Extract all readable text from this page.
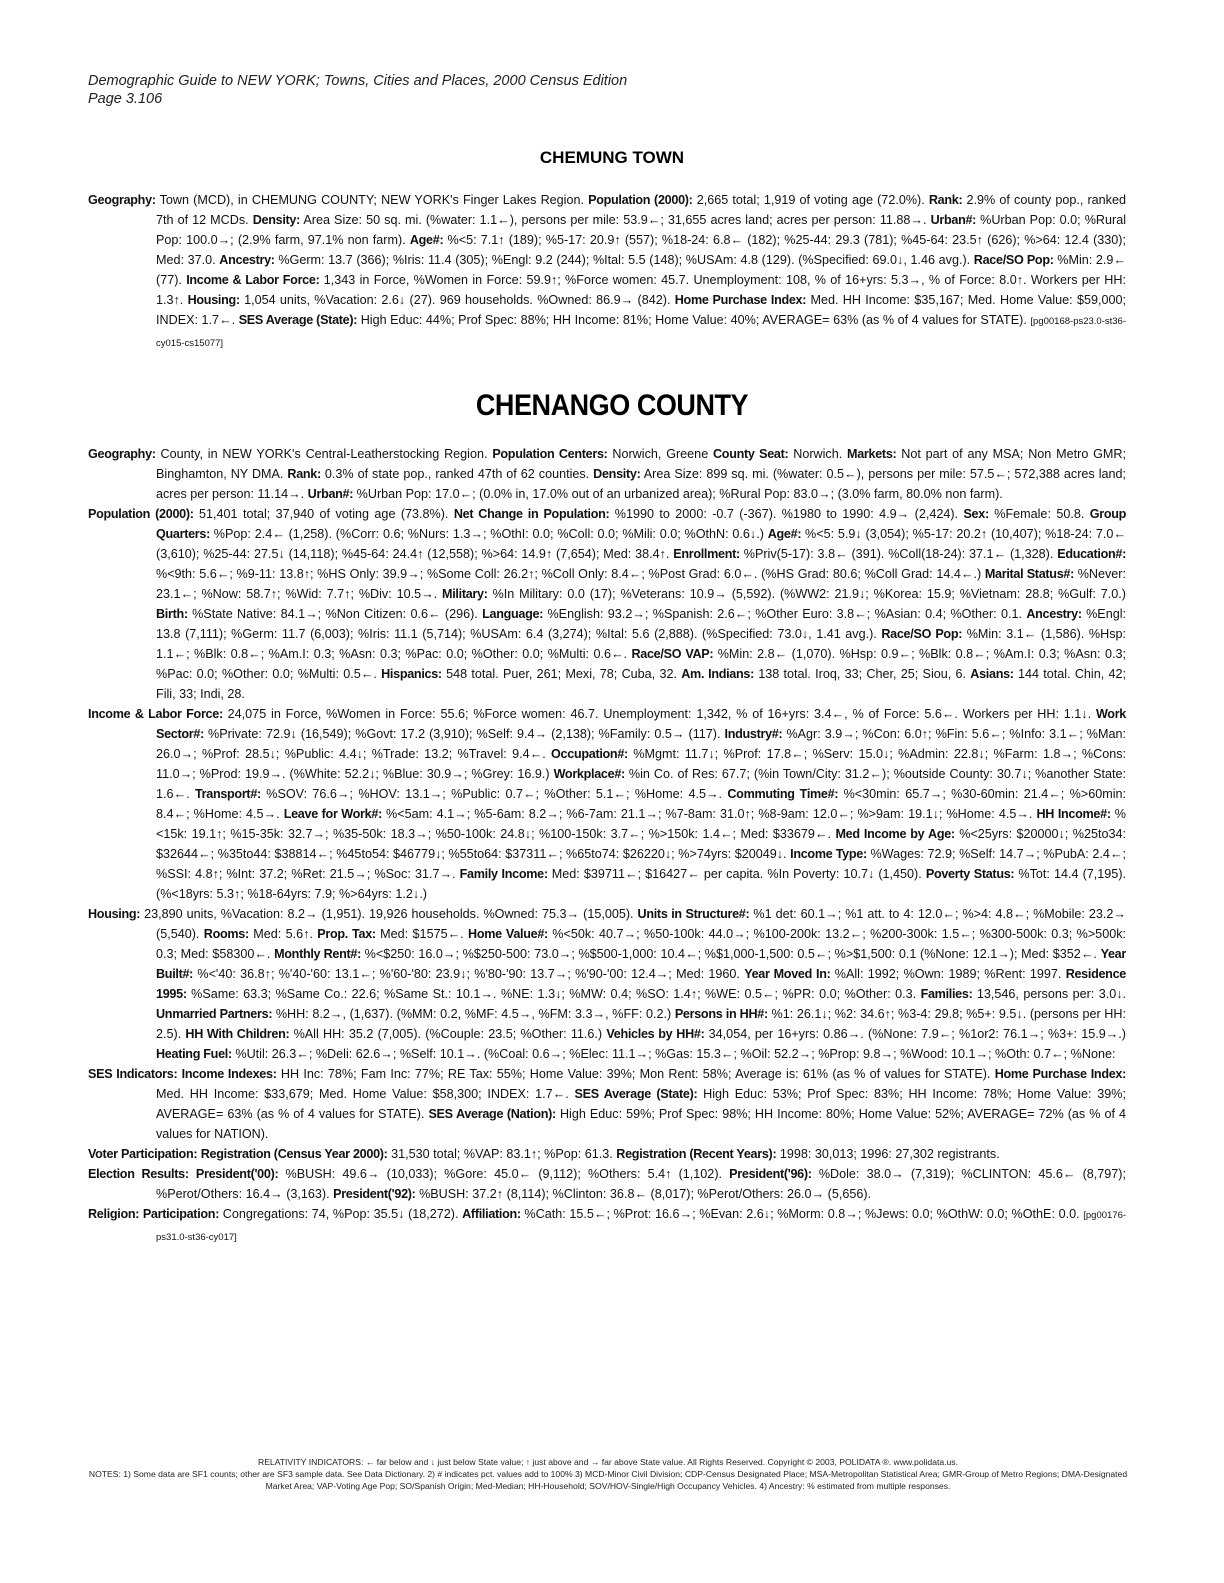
Demographic Guide to NEW YORK; Towns, Cities and Places, 2000 Census Edition
Page 3.106
CHEMUNG TOWN

Geography: Town (MCD), in CHEMUNG COUNTY; NEW YORK's Finger Lakes Region. Population (2000): 2,665 total; 1,919 of voting age (72.0%). Rank: 2.9% of county pop., ranked 7th of 12 MCDs. Density: Area Size: 50 sq. mi. (%water: 1.1←), persons per mile: 53.9←; 31,655 acres land; acres per person: 11.88→. Urban#: %Urban Pop: 0.0; %Rural Pop: 100.0→; (2.9% farm, 97.1% non farm). Age#: %<5: 7.1↑ (189); %5-17: 20.9↑ (557); %18-24: 6.8← (182); %25-44: 29.3 (781); %45-64: 23.5↑ (626); %>64: 12.4 (330); Med: 37.0. Ancestry: %Germ: 13.7 (366); %Iris: 11.4 (305); %Engl: 9.2 (244); %Ital: 5.5 (148); %USAm: 4.8 (129). (%Specified: 69.0↓, 1.46 avg.). Race/SO Pop: %Min: 2.9← (77). Income & Labor Force: 1,343 in Force, %Women in Force: 59.9↑; %Force women: 45.7. Unemployment: 108, % of 16+yrs: 5.3→, % of Force: 8.0↑. Workers per HH: 1.3↑. Housing: 1,054 units, %Vacation: 2.6↓ (27). 969 households. %Owned: 86.9→ (842). Home Purchase Index: Med. HH Income: $35,167; Med. Home Value: $59,000; INDEX: 1.7←. SES Average (State): High Educ: 44%; Prof Spec: 88%; HH Income: 81%; Home Value: 40%; AVERAGE= 63% (as % of 4 values for STATE). [pg00168-ps23.0-st36-cy015-cs15077]

CHENANGO COUNTY

Geography: County, in NEW YORK's Central-Leatherstocking Region. Population Centers: Norwich, Greene County Seat: Norwich. Markets: Not part of any MSA; Non Metro GMR; Binghamton, NY DMA. Rank: 0.3% of state pop., ranked 47th of 62 counties. Density: Area Size: 899 sq. mi. (%water: 0.5←), persons per mile: 57.5←; 572,388 acres land; acres per person: 11.14→. Urban#: %Urban Pop: 17.0←; (0.0% in, 17.0% out of an urbanized area); %Rural Pop: 83.0→; (3.0% farm, 80.0% non farm).

Population (2000): 51,401 total; 37,940 of voting age (73.8%). Net Change in Population: %1990 to 2000: -0.7 (-367). %1980 to 1990: 4.9→ (2,424). Sex: %Female: 50.8. Group Quarters: %Pop: 2.4← (1,258). (%Corr: 0.6; %Nurs: 1.3→; %OthI: 0.0; %Coll: 0.0; %Mili: 0.0; %OthN: 0.6↓.) Age#: %<5: 5.9↓ (3,054); %5-17: 20.2↑ (10,407); %18-24: 7.0← (3,610); %25-44: 27.5↓ (14,118); %45-64: 24.4↑ (12,558); %>64: 14.9↑ (7,654); Med: 38.4↑. Enrollment: %Priv(5-17): 3.8← (391). %Coll(18-24): 37.1← (1,328). Education#: %<9th: 5.6←; %9-11: 13.8↑; %HS Only: 39.9→; %Some Coll: 26.2↑; %Coll Only: 8.4←; %Post Grad: 6.0←. (%HS Grad: 80.6; %Coll Grad: 14.4←.) Marital Status#: %Never: 23.1←; %Now: 58.7↑; %Wid: 7.7↑; %Div: 10.5→. Military: %In Military: 0.0 (17); %Veterans: 10.9→ (5,592). (%WW2: 21.9↓; %Korea: 15.9; %Vietnam: 28.8; %Gulf: 7.0.) Birth: %State Native: 84.1→; %Non Citizen: 0.6← (296). Language: %English: 93.2→; %Spanish: 2.6←; %Other Euro: 3.8←; %Asian: 0.4; %Other: 0.1. Ancestry: %Engl: 13.8 (7,111); %Germ: 11.7 (6,003); %Iris: 11.1 (5,714); %USAm: 6.4 (3,274); %Ital: 5.6 (2,888). (%Specified: 73.0↓, 1.41 avg.). Race/SO Pop: %Min: 3.1← (1,586). %Hsp: 1.1←; %Blk: 0.8←; %Am.I: 0.3; %Asn: 0.3; %Pac: 0.0; %Other: 0.0; %Multi: 0.6←. Race/SO VAP: %Min: 2.8← (1,070). %Hsp: 0.9←; %Blk: 0.8←; %Am.I: 0.3; %Asn: 0.3; %Pac: 0.0; %Other: 0.0; %Multi: 0.5←. Hispanics: 548 total. Puer, 261; Mexi, 78; Cuba, 32. Am. Indians: 138 total. Iroq, 33; Cher, 25; Siou, 6. Asians: 144 total. Chin, 42; Fili, 33; Indi, 28.

Income & Labor Force: 24,075 in Force, %Women in Force: 55.6; %Force women: 46.7. Unemployment: 1,342, % of 16+yrs: 3.4←, % of Force: 5.6←. Workers per HH: 1.1↓. Work Sector#: %Private: 72.9↓ (16,549); %Govt: 17.2 (3,910); %Self: 9.4→ (2,138); %Family: 0.5→ (117). Industry#: %Agr: 3.9→; %Con: 6.0↑; %Fin: 5.6←; %Info: 3.1←; %Man: 26.0→; %Prof: 28.5↓; %Public: 4.4↓; %Trade: 13.2; %Travel: 9.4←. Occupation#: %Mgmt: 11.7↓; %Prof: 17.8←; %Serv: 15.0↓; %Admin: 22.8↓; %Farm: 1.8→; %Cons: 11.0→; %Prod: 19.9→. (%White: 52.2↓; %Blue: 30.9→; %Grey: 16.9.) Workplace#: %in Co. of Res: 67.7; (%in Town/City: 31.2←); %outside County: 30.7↓; %another State: 1.6←. Transport#: %SOV: 76.6→; %HOV: 13.1→; %Public: 0.7←; %Other: 5.1←; %Home: 4.5→. Commuting Time#: %<30min: 65.7→; %30-60min: 21.4←; %>60min: 8.4←; %Home: 4.5→. Leave for Work#: %<5am: 4.1→; %5-6am: 8.2→; %6-7am: 21.1→; %7-8am: 31.0↑; %8-9am: 12.0←; %>9am: 19.1↓; %Home: 4.5→. HH Income#: %<15k: 19.1↑; %15-35k: 32.7→; %35-50k: 18.3→; %50-100k: 24.8↓; %100-150k: 3.7←; %>150k: 1.4←; Med: $33679←. Med Income by Age: %<25yrs: $20000↓; %25to34: $32644←; %35to44: $38814←; %45to54: $46779↓; %55to64: $37311←; %65to74: $26220↓; %>74yrs: $20049↓. Income Type: %Wages: 72.9; %Self: 14.7→; %PubA: 2.4←; %SSI: 4.8↑; %Int: 37.2; %Ret: 21.5→; %Soc: 31.7→. Family Income: Med: $39711←; $16427← per capita. %In Poverty: 10.7↓ (1,450). Poverty Status: %Tot: 14.4 (7,195). (%<18yrs: 5.3↑; %18-64yrs: 7.9; %>64yrs: 1.2↓.)

Housing: 23,890 units, %Vacation: 8.2→ (1,951). 19,926 households. %Owned: 75.3→ (15,005). Units in Structure#: %1 det: 60.1→; %1 att. to 4: 12.0←; %>4: 4.8←; %Mobile: 23.2→ (5,540). Rooms: Med: 5.6↑. Prop. Tax: Med: $1575←. Home Value#: %<50k: 40.7→; %50-100k: 44.0→; %100-200k: 13.2←; %200-300k: 1.5←; %300-500k: 0.3; %>500k: 0.3; Med: $58300←. Monthly Rent#: %<$250: 16.0→; %$250-500: 73.0→; %$500-1,000: 10.4←; %$1,000-1,500: 0.5←; %>$1,500: 0.1 (%None: 12.1→); Med: $352←. Year Built#: %<'40: 36.8↑; %'40-'60: 13.1←; %'60-'80: 23.9↓; %'80-'90: 13.7→; %'90-'00: 12.4→; Med: 1960. Year Moved In: %All: 1992; %Own: 1989; %Rent: 1997. Residence 1995: %Same: 63.3; %Same Co.: 22.6; %Same St.: 10.1→. %NE: 1.3↓; %MW: 0.4; %SO: 1.4↑; %WE: 0.5←; %PR: 0.0; %Other: 0.3. Families: 13,546, persons per: 3.0↓. Unmarried Partners: %HH: 8.2→, (1,637). (%MM: 0.2, %MF: 4.5→, %FM: 3.3→, %FF: 0.2.) Persons in HH#: %1: 26.1↓; %2: 34.6↑; %3-4: 29.8; %5+: 9.5↓. (persons per HH: 2.5). HH With Children: %All HH: 35.2 (7,005). (%Couple: 23.5; %Other: 11.6.) Vehicles by HH#: 34,054, per 16+yrs: 0.86→. (%None: 7.9←; %1or2: 76.1→; %3+: 15.9→.) Heating Fuel: %Util: 26.3←; %Deli: 62.6→; %Self: 10.1→. (%Coal: 0.6→; %Elec: 11.1→; %Gas: 15.3←; %Oil: 52.2→; %Prop: 9.8→; %Wood: 10.1→; %Oth: 0.7←; %None:

SES Indicators: Income Indexes: HH Inc: 78%; Fam Inc: 77%; RE Tax: 55%; Home Value: 39%; Mon Rent: 58%; Average is: 61% (as % of values for STATE). Home Purchase Index: Med. HH Income: $33,679; Med. Home Value: $58,300; INDEX: 1.7←. SES Average (State): High Educ: 53%; Prof Spec: 83%; HH Income: 78%; Home Value: 39%; AVERAGE= 63% (as % of 4 values for STATE). SES Average (Nation): High Educ: 59%; Prof Spec: 98%; HH Income: 80%; Home Value: 52%; AVERAGE= 72% (as % of 4 values for NATION).

Voter Participation: Registration (Census Year 2000): 31,530 total; %VAP: 83.1↑; %Pop: 61.3. Registration (Recent Years): 1998: 30,013; 1996: 27,302 registrants.

Election Results: President('00): %BUSH: 49.6→ (10,033); %Gore: 45.0← (9,112); %Others: 5.4↑ (1,102). President('96): %Dole: 38.0→ (7,319); %CLINTON: 45.6← (8,797); %Perot/Others: 16.4→ (3,163). President('92): %BUSH: 37.2↑ (8,114); %Clinton: 36.8← (8,017); %Perot/Others: 26.0→ (5,656).

Religion: Participation: Congregations: 74, %Pop: 35.5↓ (18,272). Affiliation: %Cath: 15.5←; %Prot: 16.6→; %Evan: 2.6↓; %Morm: 0.8→; %Jews: 0.0; %OthW: 0.0; %OthE: 0.0. [pg00176-ps31.0-st36-cy017]

RELATIVITY INDICATORS: ← far below and ↓ just below State value; ↑ just above and → far above State value. All Rights Reserved. Copyright © 2003, POLIDATA ®. www.polidata.us.
NOTES: 1) Some data are SF1 counts; other are SF3 sample data. See Data Dictionary. 2) # indicates pct. values add to 100% 3) MCD-Minor Civil Division; CDP-Census Designated Place; MSA-Metropolitan Statistical Area; GMR-Group of Metro Regions; DMA-Designated Market Area; VAP-Voting Age Pop; SO/Spanish Origin; Med-Median; HH-Household; SOV/HOV-Single/High Occupancy Vehicles. 4) Ancestry: % estimated from multiple responses.
